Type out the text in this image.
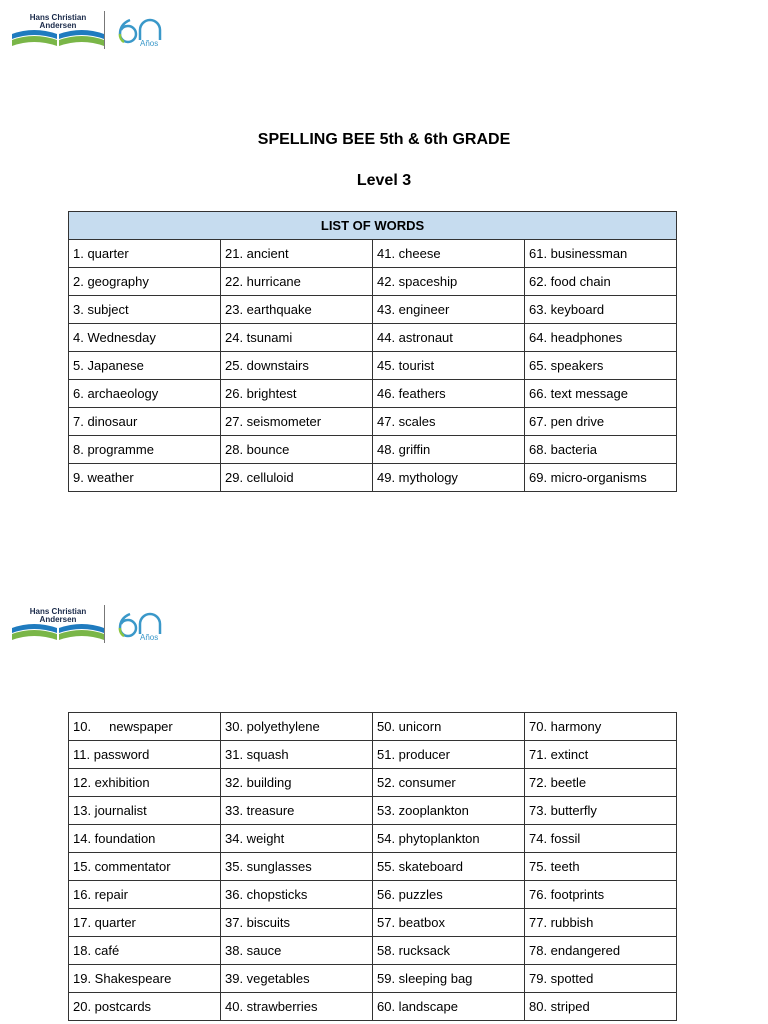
Hans Christian
Andersen
Años
SPELLING BEE 5th & 6th GRADE
Level 3
LIST OF WORDS			
1. quarter	21. ancient	41. cheese	61. businessman
2. geography	22. hurricane	42. spaceship	62. food chain
3. subject	23. earthquake	43. engineer	63. keyboard
4. Wednesday	24. tsunami	44. astronaut	64. headphones
5. Japanese	25. downstairs	45. tourist	65. speakers
6. archaeology	26. brightest	46. feathers	66. text message
7. dinosaur	27. seismometer	47. scales	67. pen drive
8. programme	28. bounce	48. griffin	68. bacteria
9. weather	29. celluloid	49. mythology	69. micro-organisms
Hans Christian
Andersen
Años
10.     newspaper	30. polyethylene	50. unicorn	70. harmony
11. password	31. squash	51. producer	71. extinct
12. exhibition	32. building	52. consumer	72. beetle
13. journalist	33. treasure	53. zooplankton	73. butterfly
14. foundation	34. weight	54. phytoplankton	74. fossil
15. commentator	35. sunglasses	55. skateboard	75. teeth
16. repair	36. chopsticks	56. puzzles	76. footprints
17. quarter	37. biscuits	57. beatbox	77. rubbish
18. café	38. sauce	58. rucksack	78. endangered
19. Shakespeare	39. vegetables	59. sleeping bag	79. spotted
20. postcards	40. strawberries	60. landscape	80. striped
